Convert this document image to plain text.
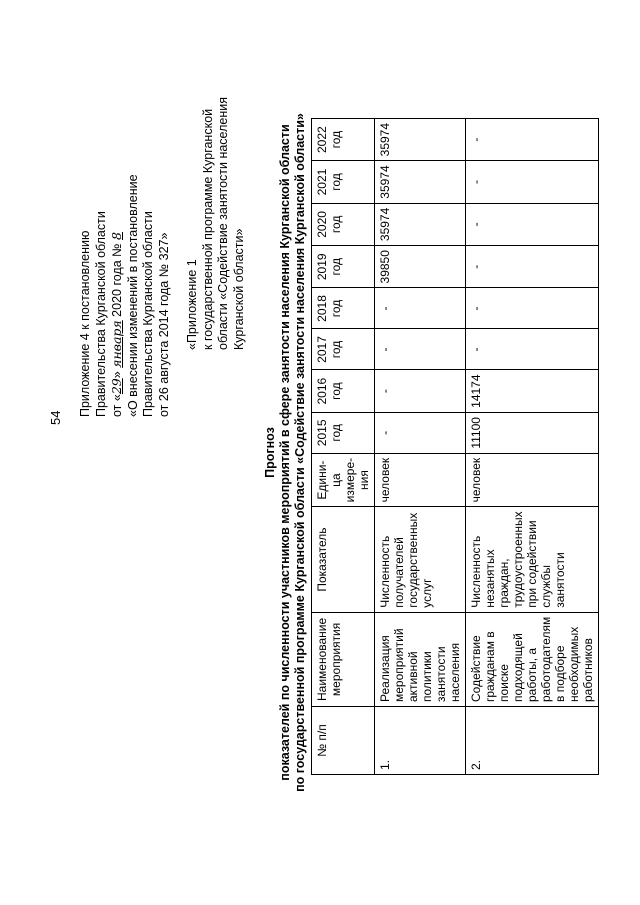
54
Приложение 4 к постановлению Правительства Курганской области от «29» января 2020 года № 8 «О внесении изменений в постановление Правительства Курганской области от 26 августа 2014 года № 327» «Приложение 1 к государственной программе Курганской области «Содействие занятости населения Курганской области»
Прогноз показателей по численности участников мероприятий в сфере занятости населения Курганской области по государственной программе Курганской области «Содействие занятости населения Курганской области» № п/п	Наименование мероприятия	Показатель	Едини- ца измере- ния	2015 год	2016 год	2017 год	2018 год	2019 год	2020 год	2021 год	2022 год
1.	Реализация мероприятий активной политики занятости населения	Численность получателей государственных услуг	человек	-	-	-	-	39850	35974	35974	35974
2.	Содействие гражданам в поиске подходящей работы, а работодателям в подборе необходимых работников	Численность незанятых граждан, трудоустроенных при содействии службы занятости	человек	11100	14174	-	-	-	-	-	-
